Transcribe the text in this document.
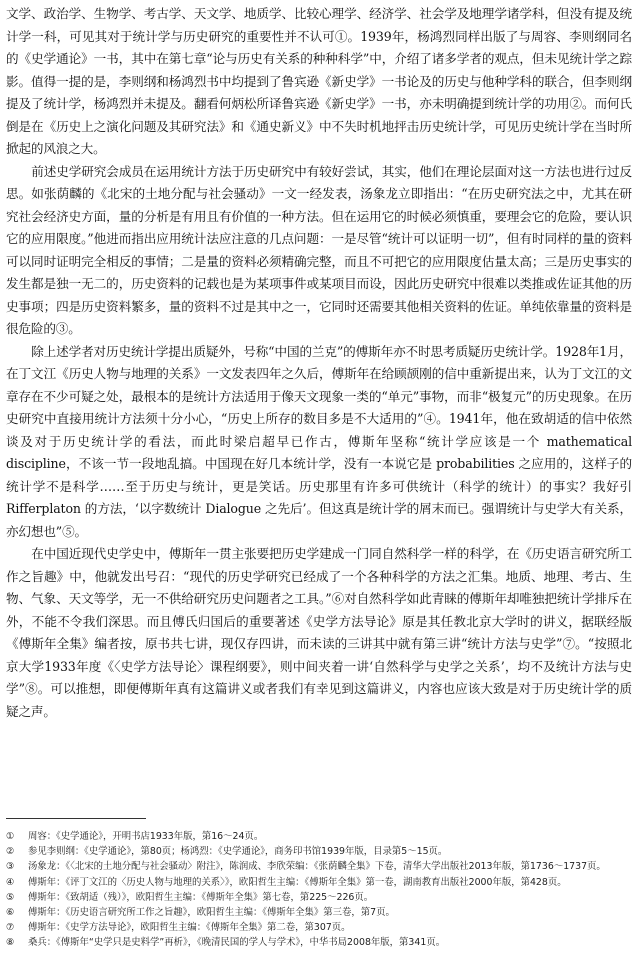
文学、政治学、生物学、考古学、天文学、地质学、比较心理学、经济学、社会学及地理学诸学科，但没有提及统计学一科，可见其对于统计学与历史研究的重要性并不认可①。1939年，杨鸿烈同样出版了与周容、李则纲同名的《史学通论》一书，其中在第七章“论与历史有关系的种种科学”中，介绍了诸多学者的观点，但未见统计学之踪影。值得一提的是，李则纲和杨鸿烈书中均提到了鲁宾逊《新史学》一书论及的历史与他种学科的联合，但李则纲提及了统计学，杨鸿烈并未提及。翻看何炳松所译鲁宾逊《新史学》一书，亦未明确提到统计学的功用②。而何氏倒是在《历史上之演化问题及其研究法》和《通史新义》中不失时机地抨击历史统计学，可见历史统计学在当时所掀起的风浪之大。

前述史学研究会成员在运用统计方法于历史研究中有较好尝试，其实，他们在理论层面对这一方法也进行过反思。如张荫麟的《北宋的土地分配与社会骚动》一文一经发表，汤象龙立即指出：“在历史研究法之中，尤其在研究社会经济史方面，量的分析是有用且有价值的一种方法。但在运用它的时候必须慎重，要理会它的危险，要认识它的应用限度。”他进而指出应用统计法应注意的几点问题：一是尽管“统计可以证明一切”，但有时同样的量的资料可以同时证明完全相反的事情；二是量的资料必须精确完整，而且不可把它的应用限度估量太高；三是历史事实的发生都是独一无二的，历史资料的记载也是为某项事件或某项目而设，因此历史研究中很难以类推或佐证其他的历史事项；四是历史资料繁多，量的资料不过是其中之一，它同时还需要其他相关资料的佐证。单纯依靠量的资料是很危险的③。

除上述学者对历史统计学提出质疑外，号称“中国的兰克”的傅斯年亦不时思考质疑历史统计学。1928年1月，在丁文江《历史人物与地理的关系》一文发表四年之久后，傅斯年在给顾颉刚的信中重新提出来，认为丁文江的文章存在不少可疑之处，最根本的是统计方法适用于像天文现象一类的“单元”事物，而非“极复元”的历史现象。在历史研究中直接用统计方法须十分小心，“历史上所存的数目多是不大适用的”④。1941年，他在致胡适的信中依然谈及对于历史统计学的看法，而此时梁启超早已作古，傅斯年坚称“统计学应该是一个 mathematical discipline，不该一节一段地乱搞。中国现在好几本统计学，没有一本说它是 probabilities 之应用的，这样子的统计学不是科学……至于历史与统计，更是笑话。历史那里有许多可供统计（科学的统计）的事实？我好引 Rifferplaton 的方法，‘以字数统计 Dialogue 之先后’。但这真是统计学的屑末而已。强谓统计与史学大有关系，亦幻想也”⑤。

在中国近现代史学史中，傅斯年一贯主张要把历史学建成一门同自然科学一样的科学，在《历史语言研究所工作之旨趣》中，他就发出号召：“现代的历史学研究已经成了一个各种科学的方法之汇集。地质、地理、考古、生物、气象、天文等学，无一不供给研究历史问题者之工具。”⑥对自然科学如此青睐的傅斯年却唯独把统计学排斥在外，不能不令我们深思。而且傅氏归国后的重要著述《史学方法导论》原是其任教北京大学时的讲义，据联经版《傅斯年全集》编者按，原书共七讲，现仅存四讲，而未读的三讲其中就有第三讲“统计方法与史学”⑦。“按照北京大学1933年度《〈史学方法导论〉课程纲要》，则中间夹着一讲‘自然科学与史学之关系’，均不及统计方法与史学”⑧。可以推想，即便傅斯年真有这篇讲义或者我们有幸见到这篇讲义，内容也应该大致是对于历史统计学的质疑之声。

①	周容：《史学通论》，开明书店1933年版，第16～24页。
②	参见李则纲：《史学通论》，第80页；杨鸿烈：《史学通论》，商务印书馆1939年版，目录第5～15页。
③	汤象龙：《〈北宋的土地分配与社会骚动〉附注》，陈润成、李欣荣编：《张荫麟全集》下卷，清华大学出版社2013年版，第1736～1737页。
④	傅斯年：《评丁文江的〈历史人物与地理的关系〉》，欧阳哲生主编：《傅斯年全集》第一卷，湖南教育出版社2000年版，第428页。
⑤	傅斯年：《致胡适（残）》，欧阳哲生主编：《傅斯年全集》第七卷，第225～226页。
⑥	傅斯年：《历史语言研究所工作之旨趣》，欧阳哲生主编：《傅斯年全集》第三卷，第7页。
⑦	傅斯年：《史学方法导论》，欧阳哲生主编：《傅斯年全集》第二卷，第307页。
⑧	桑兵：《傅斯年“史学只是史料学”再析》，《晚清民国的学人与学术》，中华书局2008年版，第341页。
